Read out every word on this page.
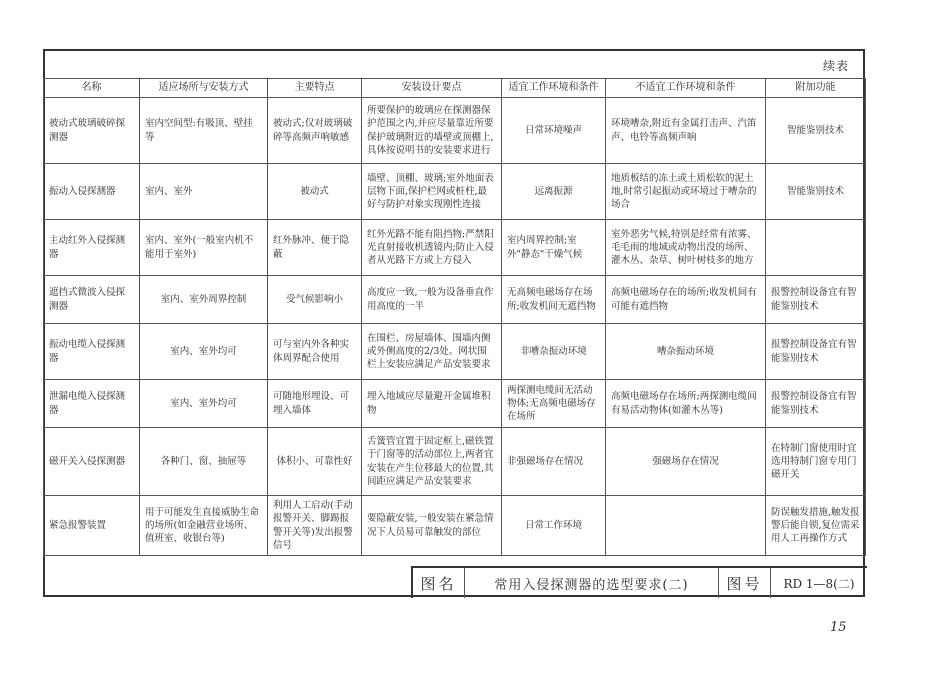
续表
名称	适应场所与安装方式	主要特点	安装设计要点	适宜工作环境和条件	不适宜工作环境和条件	附加功能
被动式玻璃破碎探测器	室内空间型:有吸顶、壁挂等	被动式;仅对玻璃破碎等高频声响敏感	所要保护的玻璃应在探测器保护范围之内,并应尽量靠近所要保护玻璃附近的墙壁或顶棚上,具体按说明书的安装要求进行	日常环境噪声	环境嘈杂,附近有金属打击声、汽笛声、电铃等高频声响	智能鉴别技术
振动入侵探测器	室内、室外	被动式	墙壁、顶棚、玻璃;室外地面表层物下面,保护栏网或桩柱,最好与防护对象实现刚性连接	远离振源	地质板结的冻土或土质松软的泥土地,时常引起振动或环境过于嘈杂的场合	智能鉴别技术
主动红外入侵探测器	室内、室外(一般室内机不能用于室外)	红外脉冲、便于隐蔽	红外光路不能有阻挡物;严禁阳光直射接收机透镜内;防止入侵者从光路下方或上方侵入	室内周界控制;室外"静态"干燥气候	室外恶劣气候,特别是经常有浓雾、毛毛雨的地域或动物出没的场所、灌木丛、杂草、树叶树枝多的地方	
遮挡式微波入侵探测器	室内、室外周界控制	受气候影响小	高度应一致,一般为设备垂直作用高度的一半	无高频电磁场存在场所;收发机间无遮挡物	高频电磁场存在的场所;收发机间有可能有遮挡物	报警控制设备宜有智能鉴别技术
振动电缆入侵探测器	室内、室外均可	可与室内外各种实体周界配合使用	在围栏、房屋墙体、围墙内侧或外侧高度的2/3处。网状围栏上安装应满足产品安装要求	非嘈杂振动环境	嘈杂振动环境	报警控制设备宜有智能鉴别技术
泄漏电缆入侵探测器	室内、室外均可	可随地形埋设、可埋入墙体	埋入地域应尽量避开金属堆积物	两探测电缆间无活动物体;无高频电磁场存在场所	高频电磁场存在场所;两探测电缆间有易活动物体(如灌木丛等)	报警控制设备宜有智能鉴别技术
磁开关入侵探测器	各种门、窗、抽屉等	体积小、可靠性好	舌簧管宜置于固定框上,磁铁置于门窗等的活动部位上,两者宜安装在产生位移最大的位置,其间距应满足产品安装要求	非强磁场存在情况	强磁场存在情况	在特制门窗使用时宜选用特制门窗专用门磁开关
紧急报警装置	用于可能发生直接威胁生命的场所(如金融营业场所、值班室、收银台等)	利用人工启动(手动报警开关、脚踢报警开关等)发出报警信号	要隐蔽安装,一般安装在紧急情况下人员易可靠触发的部位	日常工作环境		防误触发措施,触发报警后能自锁,复位需采用人工再操作方式
图名	常用入侵探测器的选型要求(二)	图号	RD 1—8(二)
15
